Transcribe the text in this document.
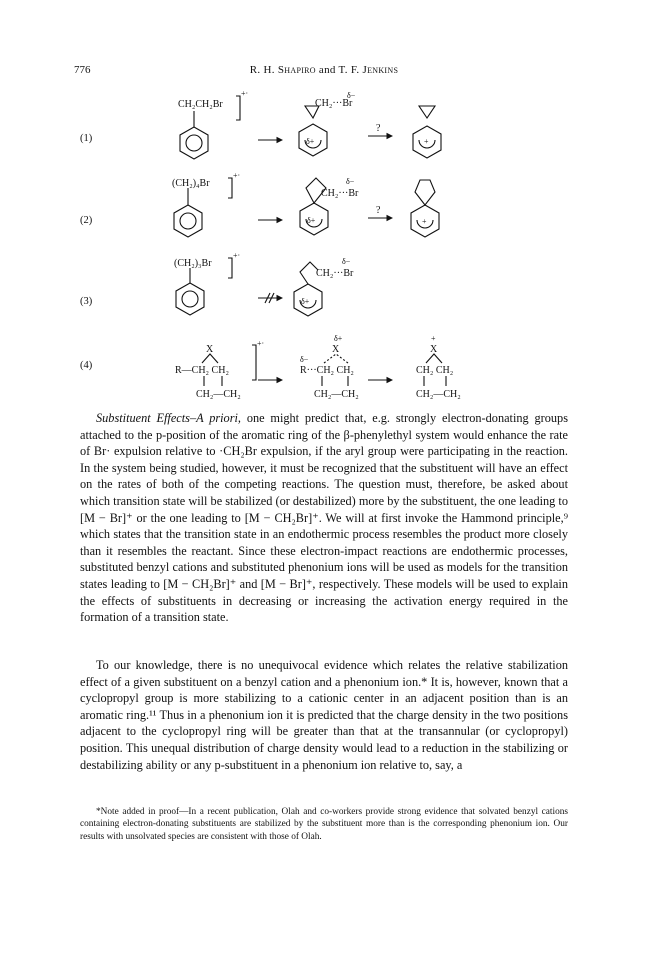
776	R. H. Shapiro and T. F. Jenkins
(1)
(2)
(3)
(4)
CH₂CH₂Br
+·
CH₂···Br
δ−
δ+
?
+
(CH₂)₄Br
+·
CH₂···Br
δ−
δ+
?
+
(CH₂)₃Br
+·
CH₂···Br
δ−
δ+
X
+·
R—CH₂ CH₂
CH₂—CH₂
δ+
X
δ−
R···CH₂ CH₂
CH₂—CH₂
+
X
CH₂ CH₂
CH₂—CH₂

Substituent Effects–A priori, one might predict that, e.g. strongly electron-donating groups attached to the p-position of the aromatic ring of the β-phenylethyl system would enhance the rate of Br· expulsion relative to ·CH₂Br expulsion, if the aryl group were participating in the reaction. In the system being studied, however, it must be recognized that the substituent will have an effect on the rates of both of the competing reactions. The question must, therefore, be asked about which transition state will be stabilized (or destabilized) more by the substituent, the one leading to [M − Br]⁺ or the one leading to [M − CH₂Br]⁺. We will at first invoke the Hammond principle,⁹ which states that the transition state in an endothermic process resembles the product more closely than it resembles the reactant. Since these electron-impact reactions are endothermic processes, substituted benzyl cations and substituted phenonium ions will be used as models for the transition states leading to [M − CH₂Br]⁺ and [M − Br]⁺, respectively. These models will be used to explain the effects of substituents in decreasing or increasing the activation energy required in the formation of a transition state.

To our knowledge, there is no unequivocal evidence which relates the relative stabilization effect of a given substituent on a benzyl cation and a phenonium ion.* It is, however, known that a cyclopropyl group is more stabilizing to a cationic center in an adjacent position than is an aromatic ring.¹¹ Thus in a phenonium ion it is predicted that the charge density in the two positions adjacent to the cyclopropyl ring will be greater than that at the transannular (or cyclopropyl) position. This unequal distribution of charge density would lead to a reduction in the stabilizing or destabilizing ability or any p-substituent in a phenonium ion relative to, say, a

*Note added in proof—In a recent publication, Olah and co-workers provide strong evidence that solvated benzyl cations containing electron-donating substituents are stabilized by the substituent more than is the corresponding phenonium ion. Our results with unsolvated species are consistent with those of Olah.
